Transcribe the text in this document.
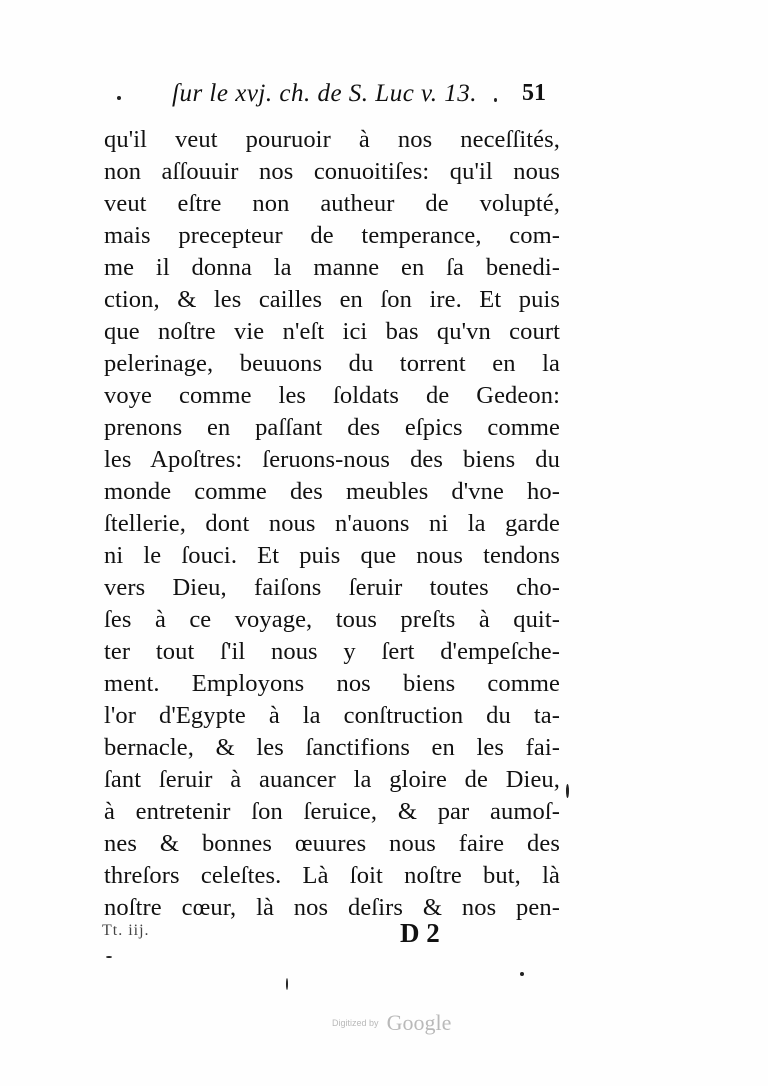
ſur le xvj. ch. de S. Luc v. 13. 51
qu'il veut pouruoir à nos neceſſités,
non aſſouuir nos conuoitiſes: qu'il nous
veut eſtre non autheur de volupté,
mais precepteur de temperance, com-
me il donna la manne en ſa benedi-
ction, & les cailles en ſon ire. Et puis
que noſtre vie n'eſt ici bas qu'vn court
pelerinage, beuuons du torrent en la
voye comme les ſoldats de Gedeon:
prenons en paſſant des eſpics comme
les Apoſtres: ſeruons-nous des biens du
monde comme des meubles d'vne ho-
ſtellerie, dont nous n'auons ni la garde
ni le ſouci. Et puis que nous tendons
vers Dieu, faiſons ſeruir toutes cho-
ſes à ce voyage, tous preſts à quit-
ter tout ſ'il nous y ſert d'empeſche-
ment. Employons nos biens comme
l'or d'Egypte à la conſtruction du ta-
bernacle, & les ſanctifions en les fai-
ſant ſeruir à auancer la gloire de Dieu,
à entretenir ſon ſeruice, & par aumoſ-
nes & bonnes œuures nous faire des
threſors celeſtes. Là ſoit noſtre but, là
noſtre cœur, là nos deſirs & nos pen-
Tt. iij.	D 2
Digitized by Google
